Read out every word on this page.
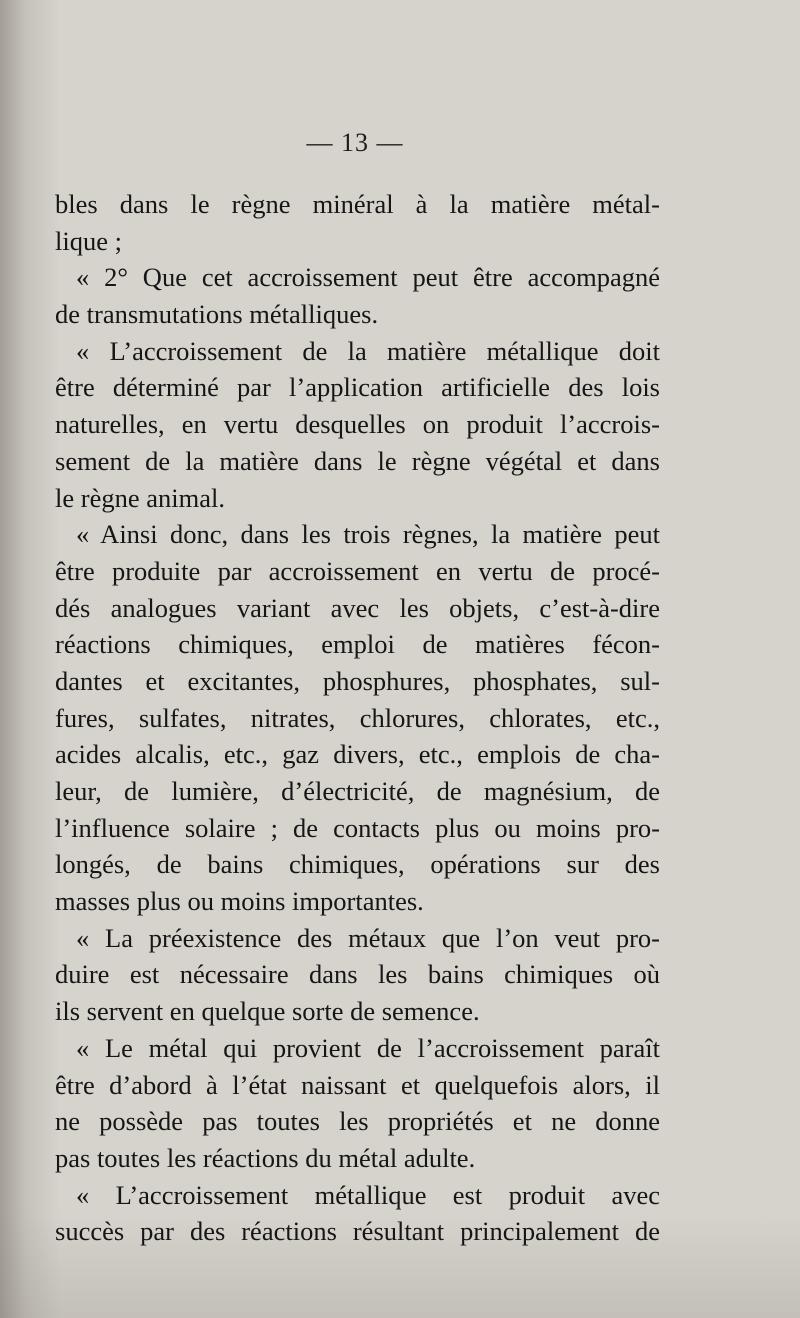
— 13 —
bles dans le règne minéral à la matière métal-
lique ;
« 2° Que cet accroissement peut être accompagné
de transmutations métalliques.
« L’accroissement de la matière métallique doit
être déterminé par l’application artificielle des lois
naturelles, en vertu desquelles on produit l’accrois-
sement de la matière dans le règne végétal et dans
le règne animal.
« Ainsi donc, dans les trois règnes, la matière peut
être produite par accroissement en vertu de procé-
dés analogues variant avec les objets, c’est-à-dire
réactions chimiques, emploi de matières fécon-
dantes et excitantes, phosphures, phosphates, sul-
fures, sulfates, nitrates, chlorures, chlorates, etc.,
acides alcalis, etc., gaz divers, etc., emplois de cha-
leur, de lumière, d’électricité, de magnésium, de
l’influence solaire ; de contacts plus ou moins pro-
longés, de bains chimiques, opérations sur des
masses plus ou moins importantes.
« La préexistence des métaux que l’on veut pro-
duire est nécessaire dans les bains chimiques où
ils servent en quelque sorte de semence.
« Le métal qui provient de l’accroissement paraît
être d’abord à l’état naissant et quelquefois alors, il
ne possède pas toutes les propriétés et ne donne
pas toutes les réactions du métal adulte.
« L’accroissement métallique est produit avec
succès par des réactions résultant principalement de
